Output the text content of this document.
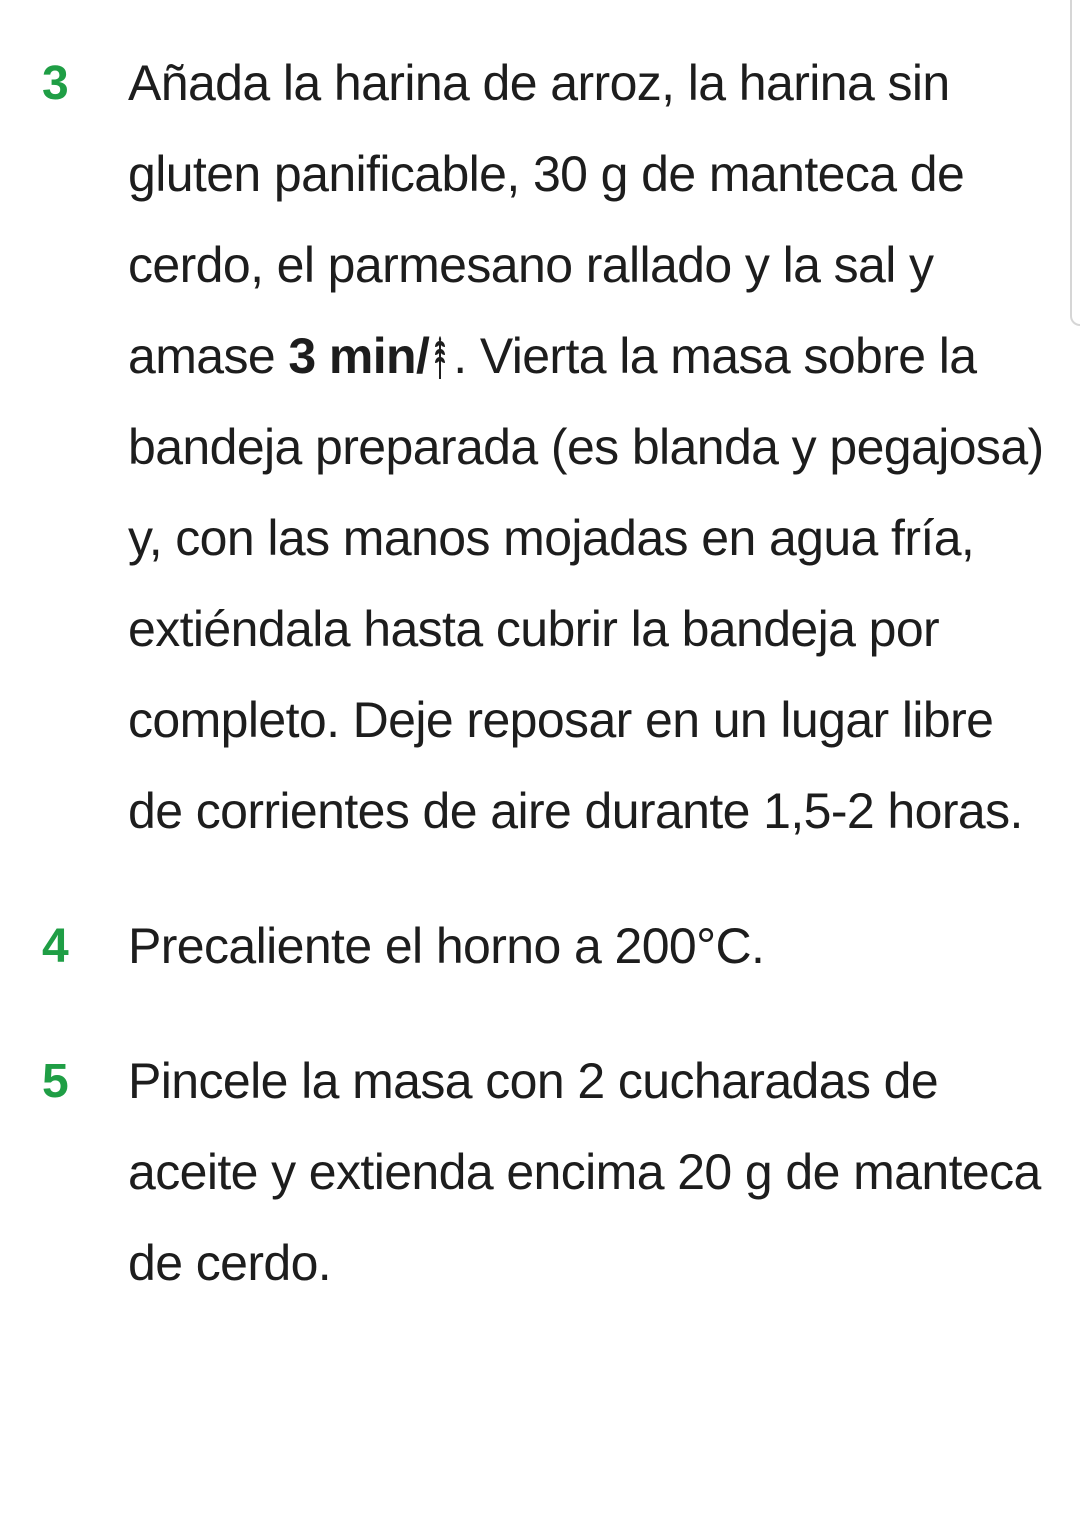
3	Añada la harina de arroz, la harina sin gluten panificable, 30 g de manteca de cerdo, el parmesano rallado y la sal y amase 3 min/ . Vierta la masa sobre la bandeja preparada (es blanda y pegajosa) y, con las manos mojadas en agua fría, extiéndala hasta cubrir la bandeja por completo. Deje reposar en un lugar libre de corrientes de aire durante 1,5-2 horas.
4	Precaliente el horno a 200°C.
5	Pincele la masa con 2 cucharadas de aceite y extienda encima 20 g de manteca de cerdo.
